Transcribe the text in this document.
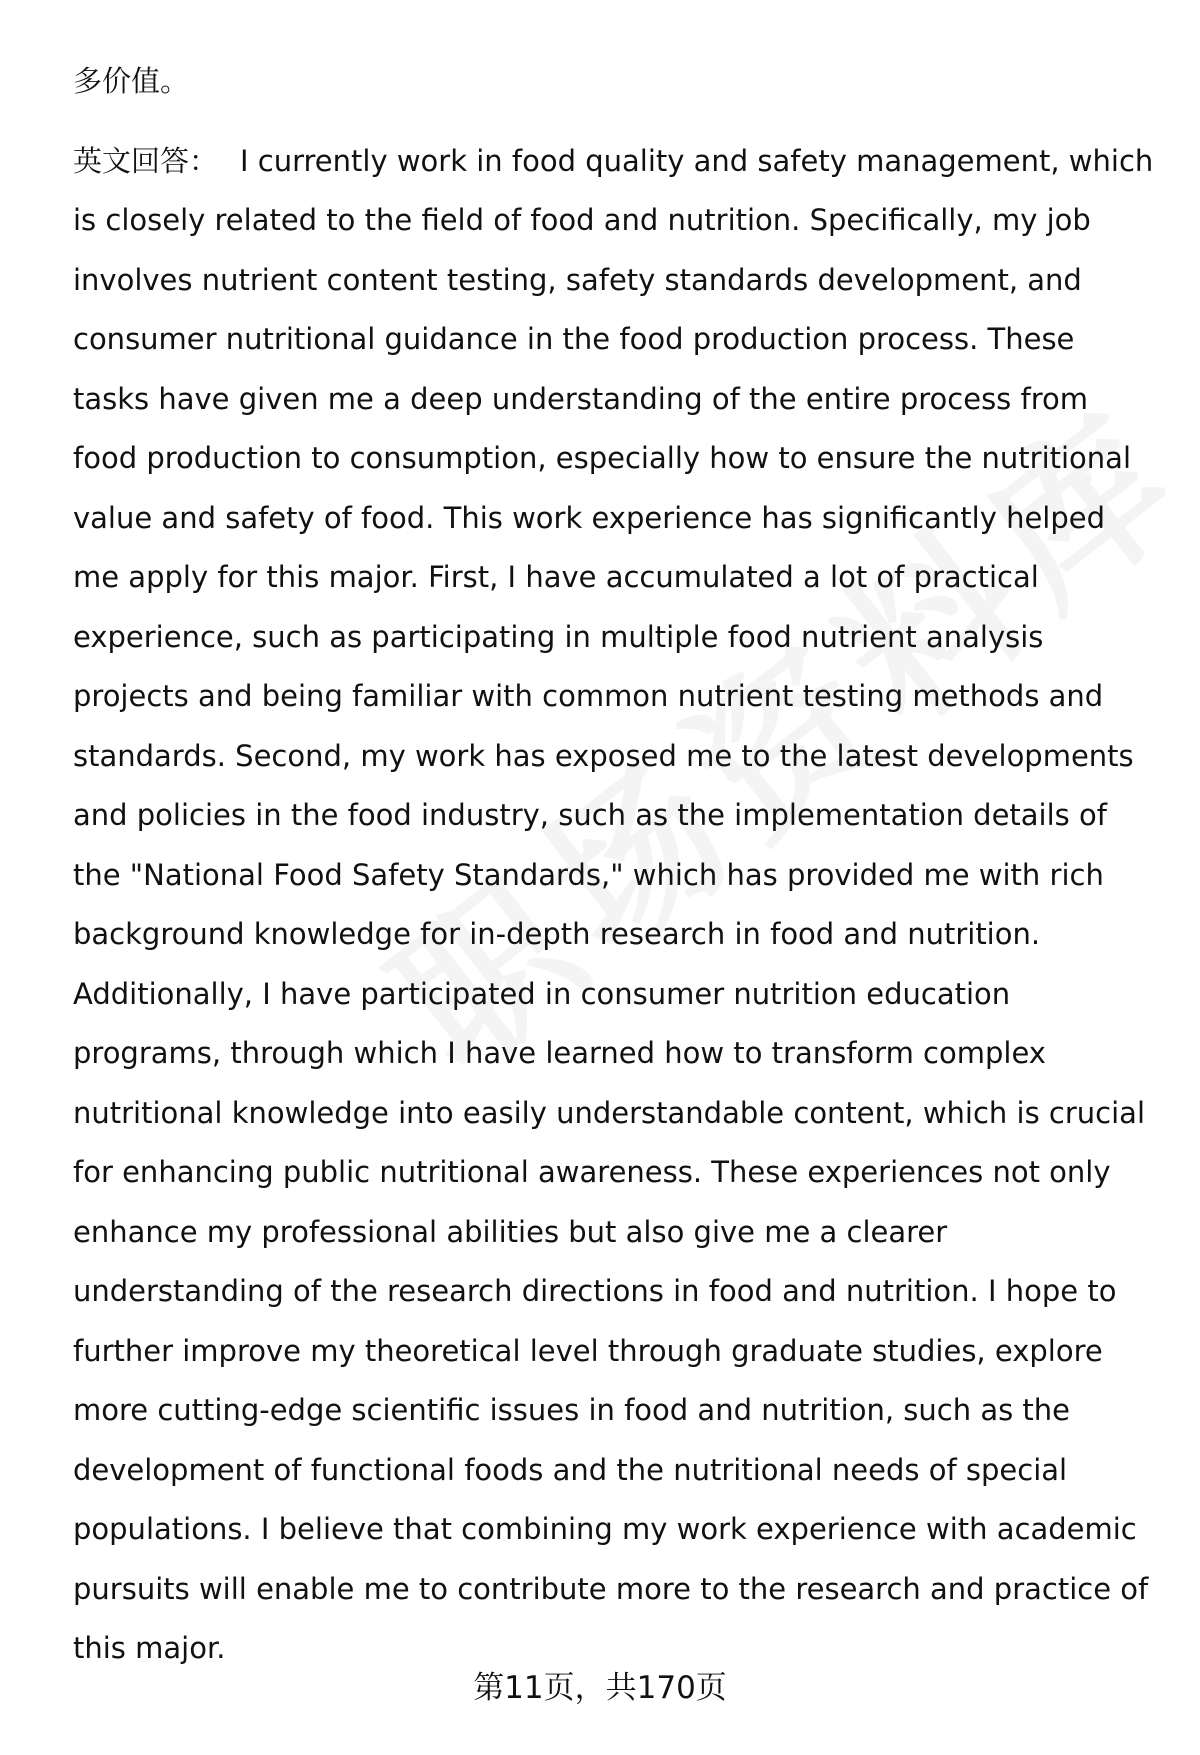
多价值。

英文回答： I currently work in food quality and safety management, which is closely related to the field of food and nutrition. Specifically, my job involves nutrient content testing, safety standards development, and consumer nutritional guidance in the food production process. These tasks have given me a deep understanding of the entire process from food production to consumption, especially how to ensure the nutritional value and safety of food. This work experience has significantly helped me apply for this major. First, I have accumulated a lot of practical experience, such as participating in multiple food nutrient analysis projects and being familiar with common nutrient testing methods and standards. Second, my work has exposed me to the latest developments and policies in the food industry, such as the implementation details of the "National Food Safety Standards," which has provided me with rich background knowledge for in-depth research in food and nutrition. Additionally, I have participated in consumer nutrition education programs, through which I have learned how to transform complex nutritional knowledge into easily understandable content, which is crucial for enhancing public nutritional awareness. These experiences not only enhance my professional abilities but also give me a clearer understanding of the research directions in food and nutrition. I hope to further improve my theoretical level through graduate studies, explore more cutting-edge scientific issues in food and nutrition, such as the development of functional foods and the nutritional needs of special populations. I believe that combining my work experience with academic pursuits will enable me to contribute more to the research and practice of this major.

第11页，共170页
